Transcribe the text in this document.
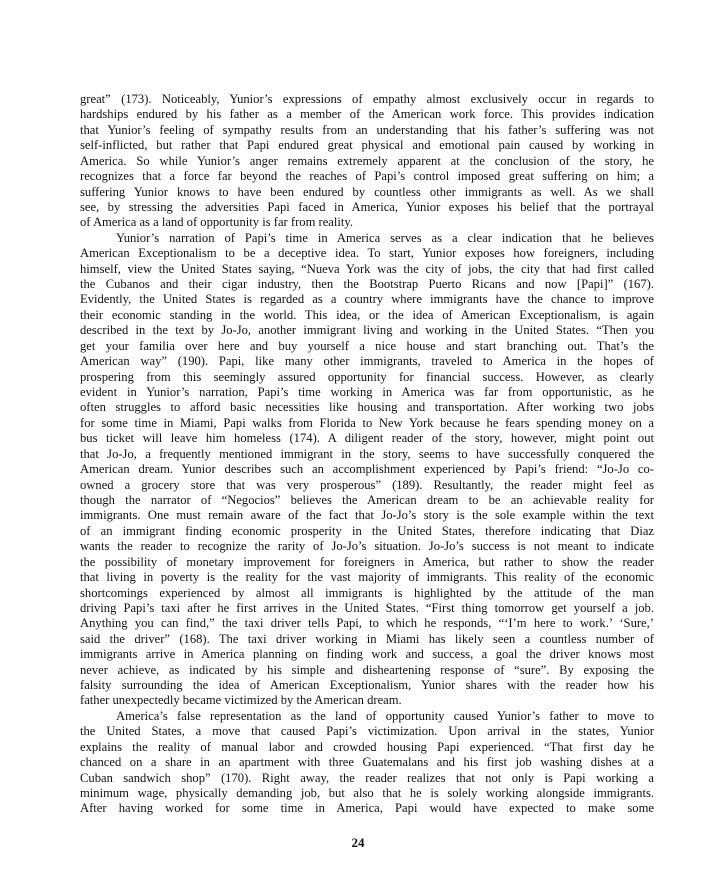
great” (173). Noticeably, Yunior’s expressions of empathy almost exclusively occur in regards to
hardships endured by his father as a member of the American work force. This provides indication
that Yunior’s feeling of sympathy results from an understanding that his father’s suffering was not
self-inflicted, but rather that Papi endured great physical and emotional pain caused by working in
America. So while Yunior’s anger remains extremely apparent at the conclusion of the story, he
recognizes that a force far beyond the reaches of Papi’s control imposed great suffering on him; a
suffering Yunior knows to have been endured by countless other immigrants as well. As we shall
see, by stressing the adversities Papi faced in America, Yunior exposes his belief that the portrayal
of America as a land of opportunity is far from reality.
Yunior’s narration of Papi’s time in America serves as a clear indication that he believes
American Exceptionalism to be a deceptive idea. To start, Yunior exposes how foreigners, including
himself, view the United States saying, “Nueva York was the city of jobs, the city that had first called
the Cubanos and their cigar industry, then the Bootstrap Puerto Ricans and now [Papi]” (167).
Evidently, the United States is regarded as a country where immigrants have the chance to improve
their economic standing in the world. This idea, or the idea of American Exceptionalism, is again
described in the text by Jo-Jo, another immigrant living and working in the United States. “Then you
get your familia over here and buy yourself a nice house and start branching out. That’s the
American way” (190). Papi, like many other immigrants, traveled to America in the hopes of
prospering from this seemingly assured opportunity for financial success. However, as clearly
evident in Yunior’s narration, Papi’s time working in America was far from opportunistic, as he
often struggles to afford basic necessities like housing and transportation. After working two jobs
for some time in Miami, Papi walks from Florida to New York because he fears spending money on a
bus ticket will leave him homeless (174). A diligent reader of the story, however, might point out
that Jo-Jo, a frequently mentioned immigrant in the story, seems to have successfully conquered the
American dream. Yunior describes such an accomplishment experienced by Papi’s friend: “Jo-Jo co-
owned a grocery store that was very prosperous” (189). Resultantly, the reader might feel as
though the narrator of “Negocios” believes the American dream to be an achievable reality for
immigrants. One must remain aware of the fact that Jo-Jo’s story is the sole example within the text
of an immigrant finding economic prosperity in the United States, therefore indicating that Diaz
wants the reader to recognize the rarity of Jo-Jo’s situation. Jo-Jo’s success is not meant to indicate
the possibility of monetary improvement for foreigners in America, but rather to show the reader
that living in poverty is the reality for the vast majority of immigrants. This reality of the economic
shortcomings experienced by almost all immigrants is highlighted by the attitude of the man
driving Papi’s taxi after he first arrives in the United States. “First thing tomorrow get yourself a job.
Anything you can find,” the taxi driver tells Papi, to which he responds, “‘I’m here to work.’ ‘Sure,’
said the driver” (168). The taxi driver working in Miami has likely seen a countless number of
immigrants arrive in America planning on finding work and success, a goal the driver knows most
never achieve, as indicated by his simple and disheartening response of “sure”. By exposing the
falsity surrounding the idea of American Exceptionalism, Yunior shares with the reader how his
father unexpectedly became victimized by the American dream.
America’s false representation as the land of opportunity caused Yunior’s father to move to
the United States, a move that caused Papi’s victimization. Upon arrival in the states, Yunior
explains the reality of manual labor and crowded housing Papi experienced. “That first day he
chanced on a share in an apartment with three Guatemalans and his first job washing dishes at a
Cuban sandwich shop” (170). Right away, the reader realizes that not only is Papi working a
minimum wage, physically demanding job, but also that he is solely working alongside immigrants.
After having worked for some time in America, Papi would have expected to make some
24
